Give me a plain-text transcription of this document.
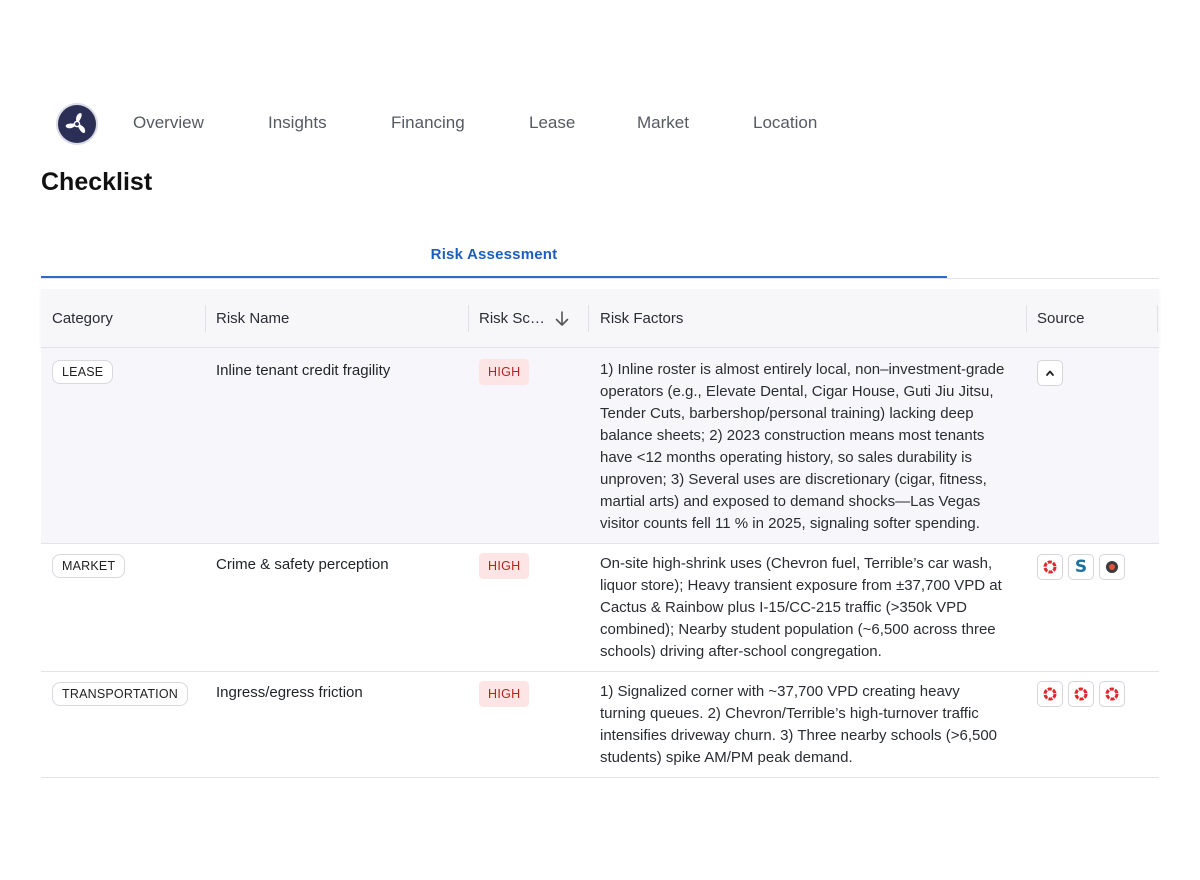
Overview	Insights	Financing	Lease	Market	Location
Checklist
Risk Assessment
Category	Risk Name	Risk Sc…	Risk Factors	Source
LEASE	Inline tenant credit fragility	HIGH	1) Inline roster is almost entirely local, non–investment-grade
operators (e.g., Elevate Dental, Cigar House, Guti Jiu Jitsu,
Tender Cuts, barbershop/personal training) lacking deep
balance sheets; 2) 2023 construction means most tenants
have <12 months operating history, so sales durability is
unproven; 3) Several uses are discretionary (cigar, fitness,
martial arts) and exposed to demand shocks—Las Vegas
visitor counts fell 11 % in 2025, signaling softer spending.
MARKET	Crime & safety perception	HIGH	On-site high-shrink uses (Chevron fuel, Terrible’s car wash,
liquor store); Heavy transient exposure from ±37,700 VPD at
Cactus & Rainbow plus I-15/CC-215 traffic (>350k VPD
combined); Nearby student population (~6,500 across three
schools) driving after-school congregation.
S
TRANSPORTATION	Ingress/egress friction	HIGH	1) Signalized corner with ~37,700 VPD creating heavy
turning queues. 2) Chevron/Terrible’s high-turnover traffic
intensifies driveway churn. 3) Three nearby schools (>6,500
students) spike AM/PM peak demand.
